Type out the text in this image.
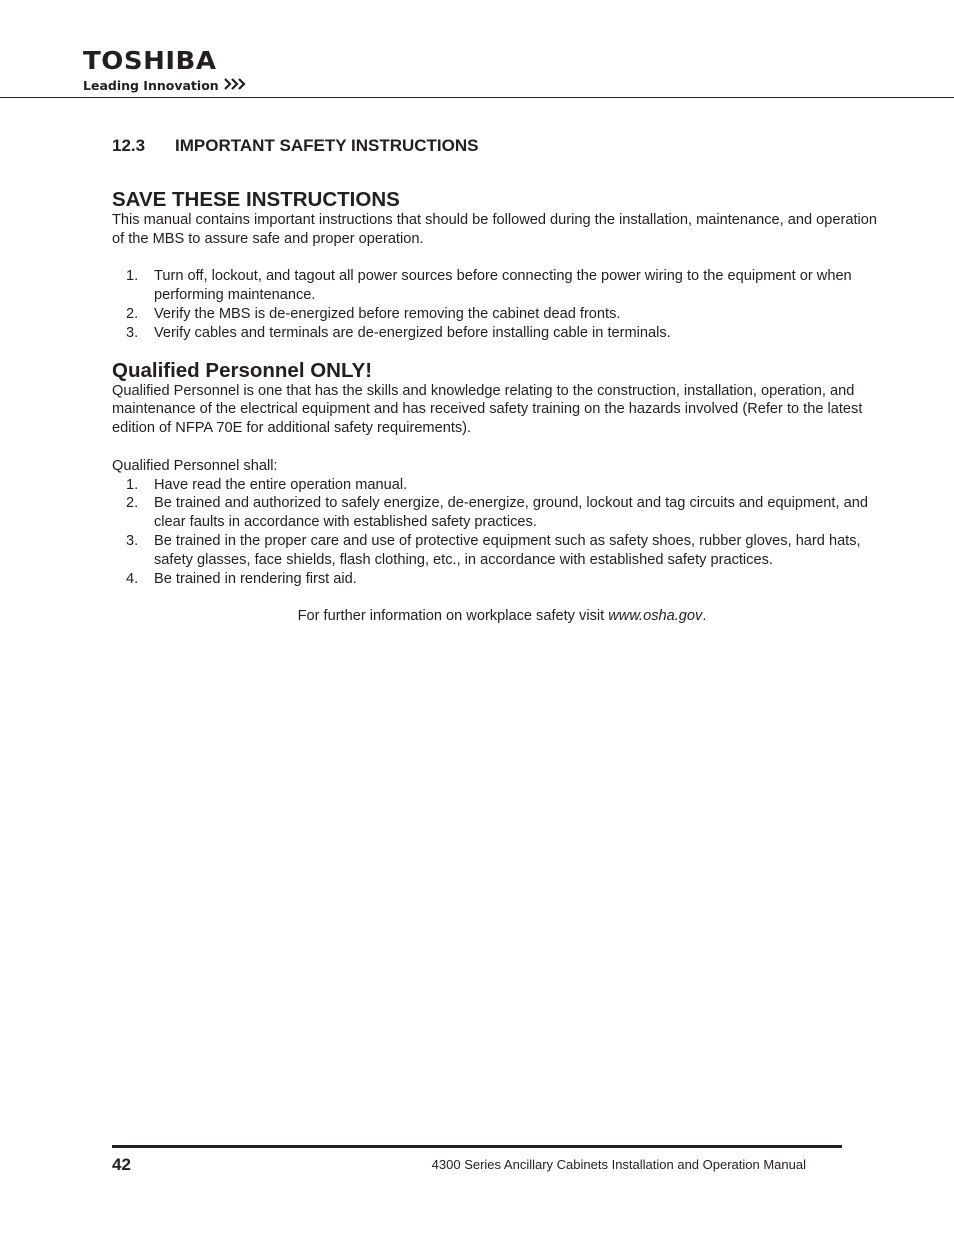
TOSHIBA
Leading Innovation
12.3	IMPORTANT SAFETY INSTRUCTIONS
SAVE THESE INSTRUCTIONS

This manual contains important instructions that should be followed during the installation, maintenance, and operation of the MBS to assure safe and proper operation.

1.	Turn off, lockout, and tagout all power sources before connecting the power wiring to the equipment or when performing maintenance.
2.	Verify the MBS is de-energized before removing the cabinet dead fronts.
3.	Verify cables and terminals are de-energized before installing cable in terminals.
Qualified Personnel ONLY!

Qualified Personnel is one that has the skills and knowledge relating to the construction, installation, operation, and maintenance of the electrical equipment and has received safety training on the hazards involved (Refer to the latest edition of NFPA 70E for additional safety requirements).

Qualified Personnel shall:

1.	Have read the entire operation manual.
2.	Be trained and authorized to safely energize, de-energize, ground, lockout and tag circuits and equipment, and clear faults in accordance with established safety practices.
3.	Be trained in the proper care and use of protective equipment such as safety shoes, rubber gloves, hard hats, safety glasses, face shields, flash clothing, etc., in accordance with established safety practices.
4.	Be trained in rendering first aid.

For further information on workplace safety visit www.osha.gov.

42	4300 Series Ancillary Cabinets Installation and Operation Manual
